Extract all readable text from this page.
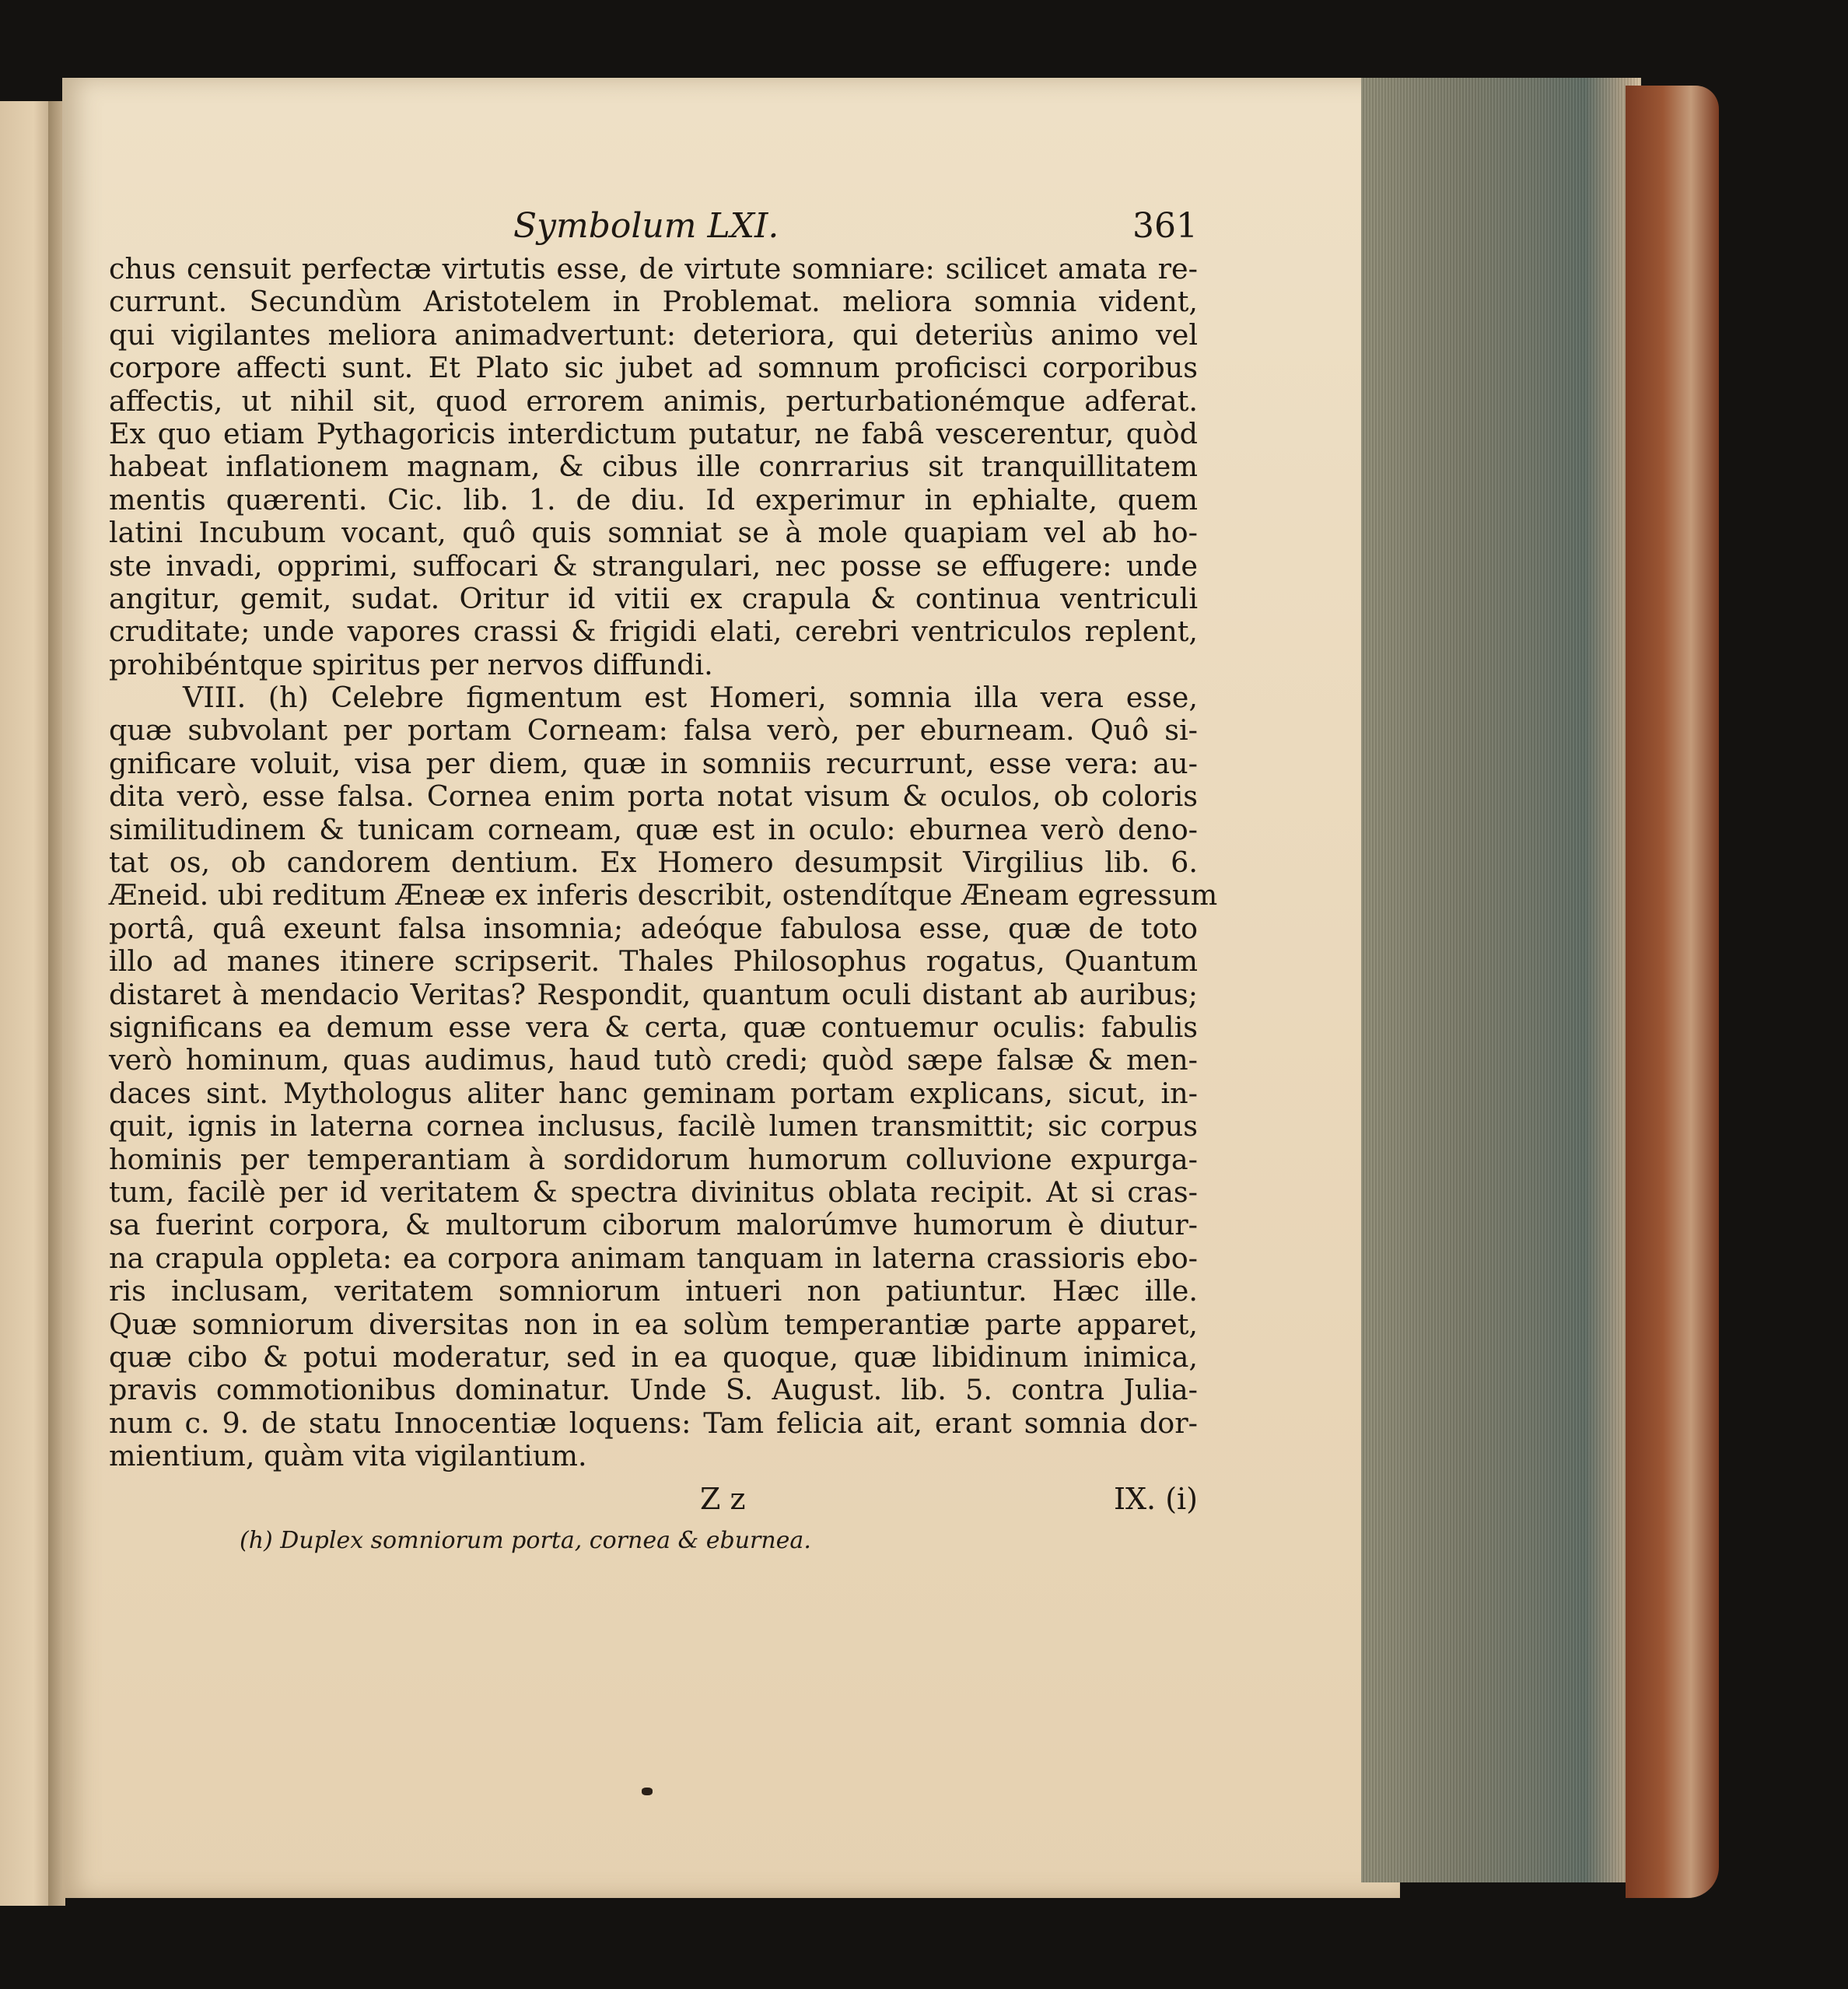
Symbolum LXI.	361
chus censuit perfectæ virtutis esse, de virtute somniare: scilicet amata re-
currunt. Secundùm Aristotelem in Problemat. meliora somnia vident,
qui vigilantes meliora animadvertunt: deteriora, qui deteriùs animo vel
corpore affecti sunt. Et Plato sic jubet ad somnum proficisci corporibus
affectis, ut nihil sit, quod errorem animis, perturbationémque adferat.
Ex quo etiam Pythagoricis interdictum putatur, ne fabâ vescerentur, quòd
habeat inflationem magnam, & cibus ille conrrarius sit tranquillitatem
mentis quærenti. Cic. lib. 1. de diu. Id experimur in ephialte, quem
latini Incubum vocant, quô quis somniat se à mole quapiam vel ab ho-
ste invadi, opprimi, suffocari & strangulari, nec posse se effugere: unde
angitur, gemit, sudat. Oritur id vitii ex crapula & continua ventriculi
cruditate; unde vapores crassi & frigidi elati, cerebri ventriculos replent,
prohibéntque spiritus per nervos diffundi.
VIII. (h) Celebre figmentum est Homeri, somnia illa vera esse,
quæ subvolant per portam Corneam: falsa verò, per eburneam. Quô si-
gnificare voluit, visa per diem, quæ in somniis recurrunt, esse vera: au-
dita verò, esse falsa. Cornea enim porta notat visum & oculos, ob coloris
similitudinem & tunicam corneam, quæ est in oculo: eburnea verò deno-
tat os, ob candorem dentium. Ex Homero desumpsit Virgilius lib. 6.
Æneid. ubi reditum Æneæ ex inferis describit, ostendítque Æneam egressum
portâ, quâ exeunt falsa insomnia; adeóque fabulosa esse, quæ de toto
illo ad manes itinere scripserit. Thales Philosophus rogatus, Quantum
distaret à mendacio Veritas? Respondit, quantum oculi distant ab auribus;
significans ea demum esse vera & certa, quæ contuemur oculis: fabulis
verò hominum, quas audimus, haud tutò credi; quòd sæpe falsæ & men-
daces sint. Mythologus aliter hanc geminam portam explicans, sicut, in-
quit, ignis in laterna cornea inclusus, facilè lumen transmittit; sic corpus
hominis per temperantiam à sordidorum humorum colluvione expurga-
tum, facilè per id veritatem & spectra divinitus oblata recipit. At si cras-
sa fuerint corpora, & multorum ciborum malorúmve humorum è diutur-
na crapula oppleta: ea corpora animam tanquam in laterna crassioris ebo-
ris inclusam, veritatem somniorum intueri non patiuntur. Hæc ille.
Quæ somniorum diversitas non in ea solùm temperantiæ parte apparet,
quæ cibo & potui moderatur, sed in ea quoque, quæ libidinum inimica,
pravis commotionibus dominatur. Unde S. August. lib. 5. contra Julia-
num c. 9. de statu Innocentiæ loquens: Tam felicia ait, erant somnia dor-
mientium, quàm vita vigilantium.
Z z	IX. (i)
(h) Duplex somniorum porta, cornea & eburnea.
